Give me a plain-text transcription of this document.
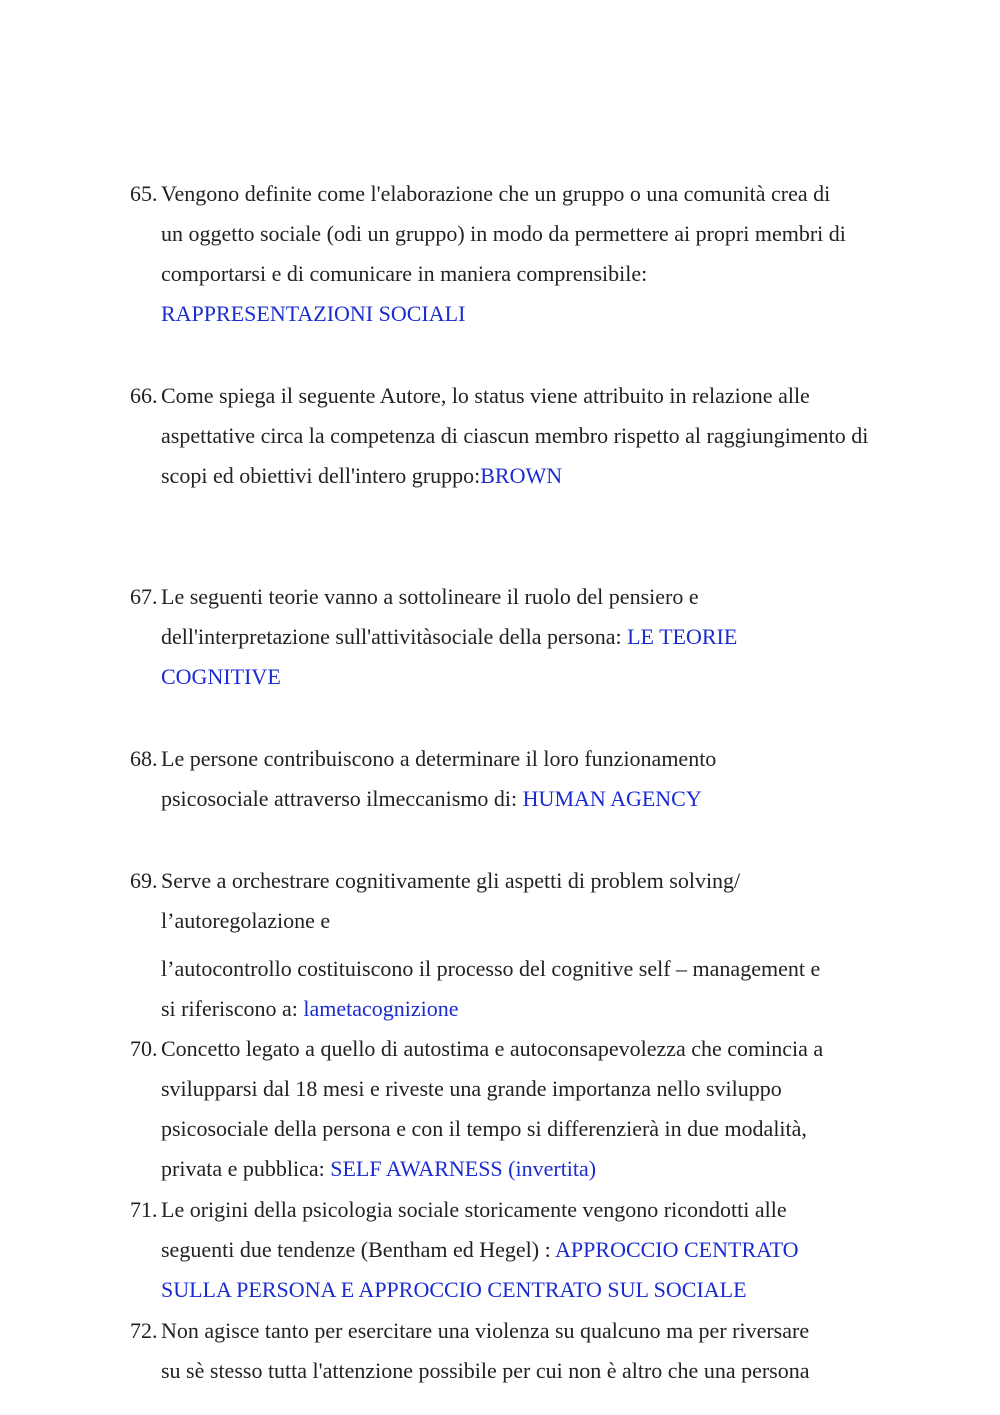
65. Vengono definite come l'elaborazione che un gruppo o una comunità crea di
un oggetto sociale (odi un gruppo) in modo da permettere ai propri membri di
comportarsi e di comunicare in maniera comprensibile:
RAPPRESENTAZIONI SOCIALI
66. Come spiega il seguente Autore, lo status viene attribuito in relazione alle
aspettative circa la competenza di ciascun membro rispetto al raggiungimento di
scopi ed obiettivi dell'intero gruppo:BROWN
67. Le seguenti teorie vanno a sottolineare il ruolo del pensiero e
dell'interpretazione sull'attivitàsociale della persona: LE TEORIE
COGNITIVE
68. Le persone contribuiscono a determinare il loro funzionamento
psicosociale attraverso ilmeccanismo di: HUMAN AGENCY
69. Serve a orchestrare cognitivamente gli aspetti di problem solving/
l’autoregolazione e
l’autocontrollo costituiscono il processo del cognitive self – management e
si riferiscono a: lametacognizione
70. Concetto legato a quello di autostima e autoconsapevolezza che comincia a
svilupparsi dal 18 mesi e riveste una grande importanza nello sviluppo
psicosociale della persona e con il tempo si differenzierà in due modalità,
privata e pubblica: SELF AWARNESS (invertita)
71. Le origini della psicologia sociale storicamente vengono ricondotti alle
seguenti due tendenze (Bentham ed Hegel) : APPROCCIO CENTRATO
SULLA PERSONA E APPROCCIO CENTRATO SUL SOCIALE
72. Non agisce tanto per esercitare una violenza su qualcuno ma per riversare
su sè stesso tutta l'attenzione possibile per cui non è altro che una persona
